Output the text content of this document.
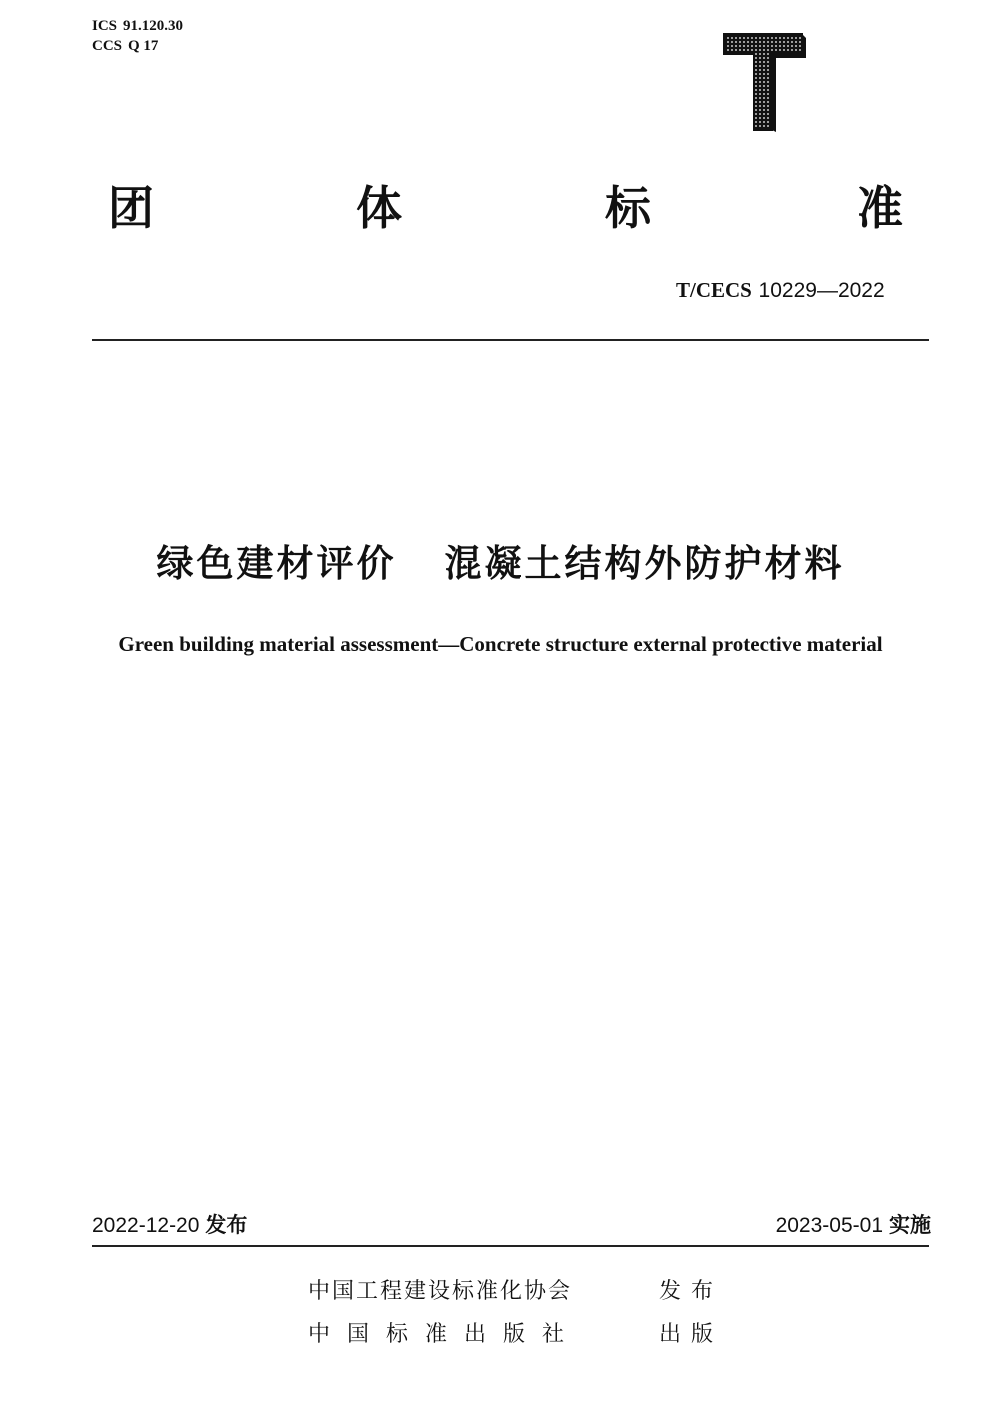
ICS 91.120.30
CCS Q 17
团	体	标	准
T/CECS 10229—2022
绿色建材评价 混凝土结构外防护材料
Green building material assessment—Concrete structure external protective material
2022-12-20 发布	2023-05-01 实施
中国工程建设标准化协会	发布
中国标准出版社	出版
